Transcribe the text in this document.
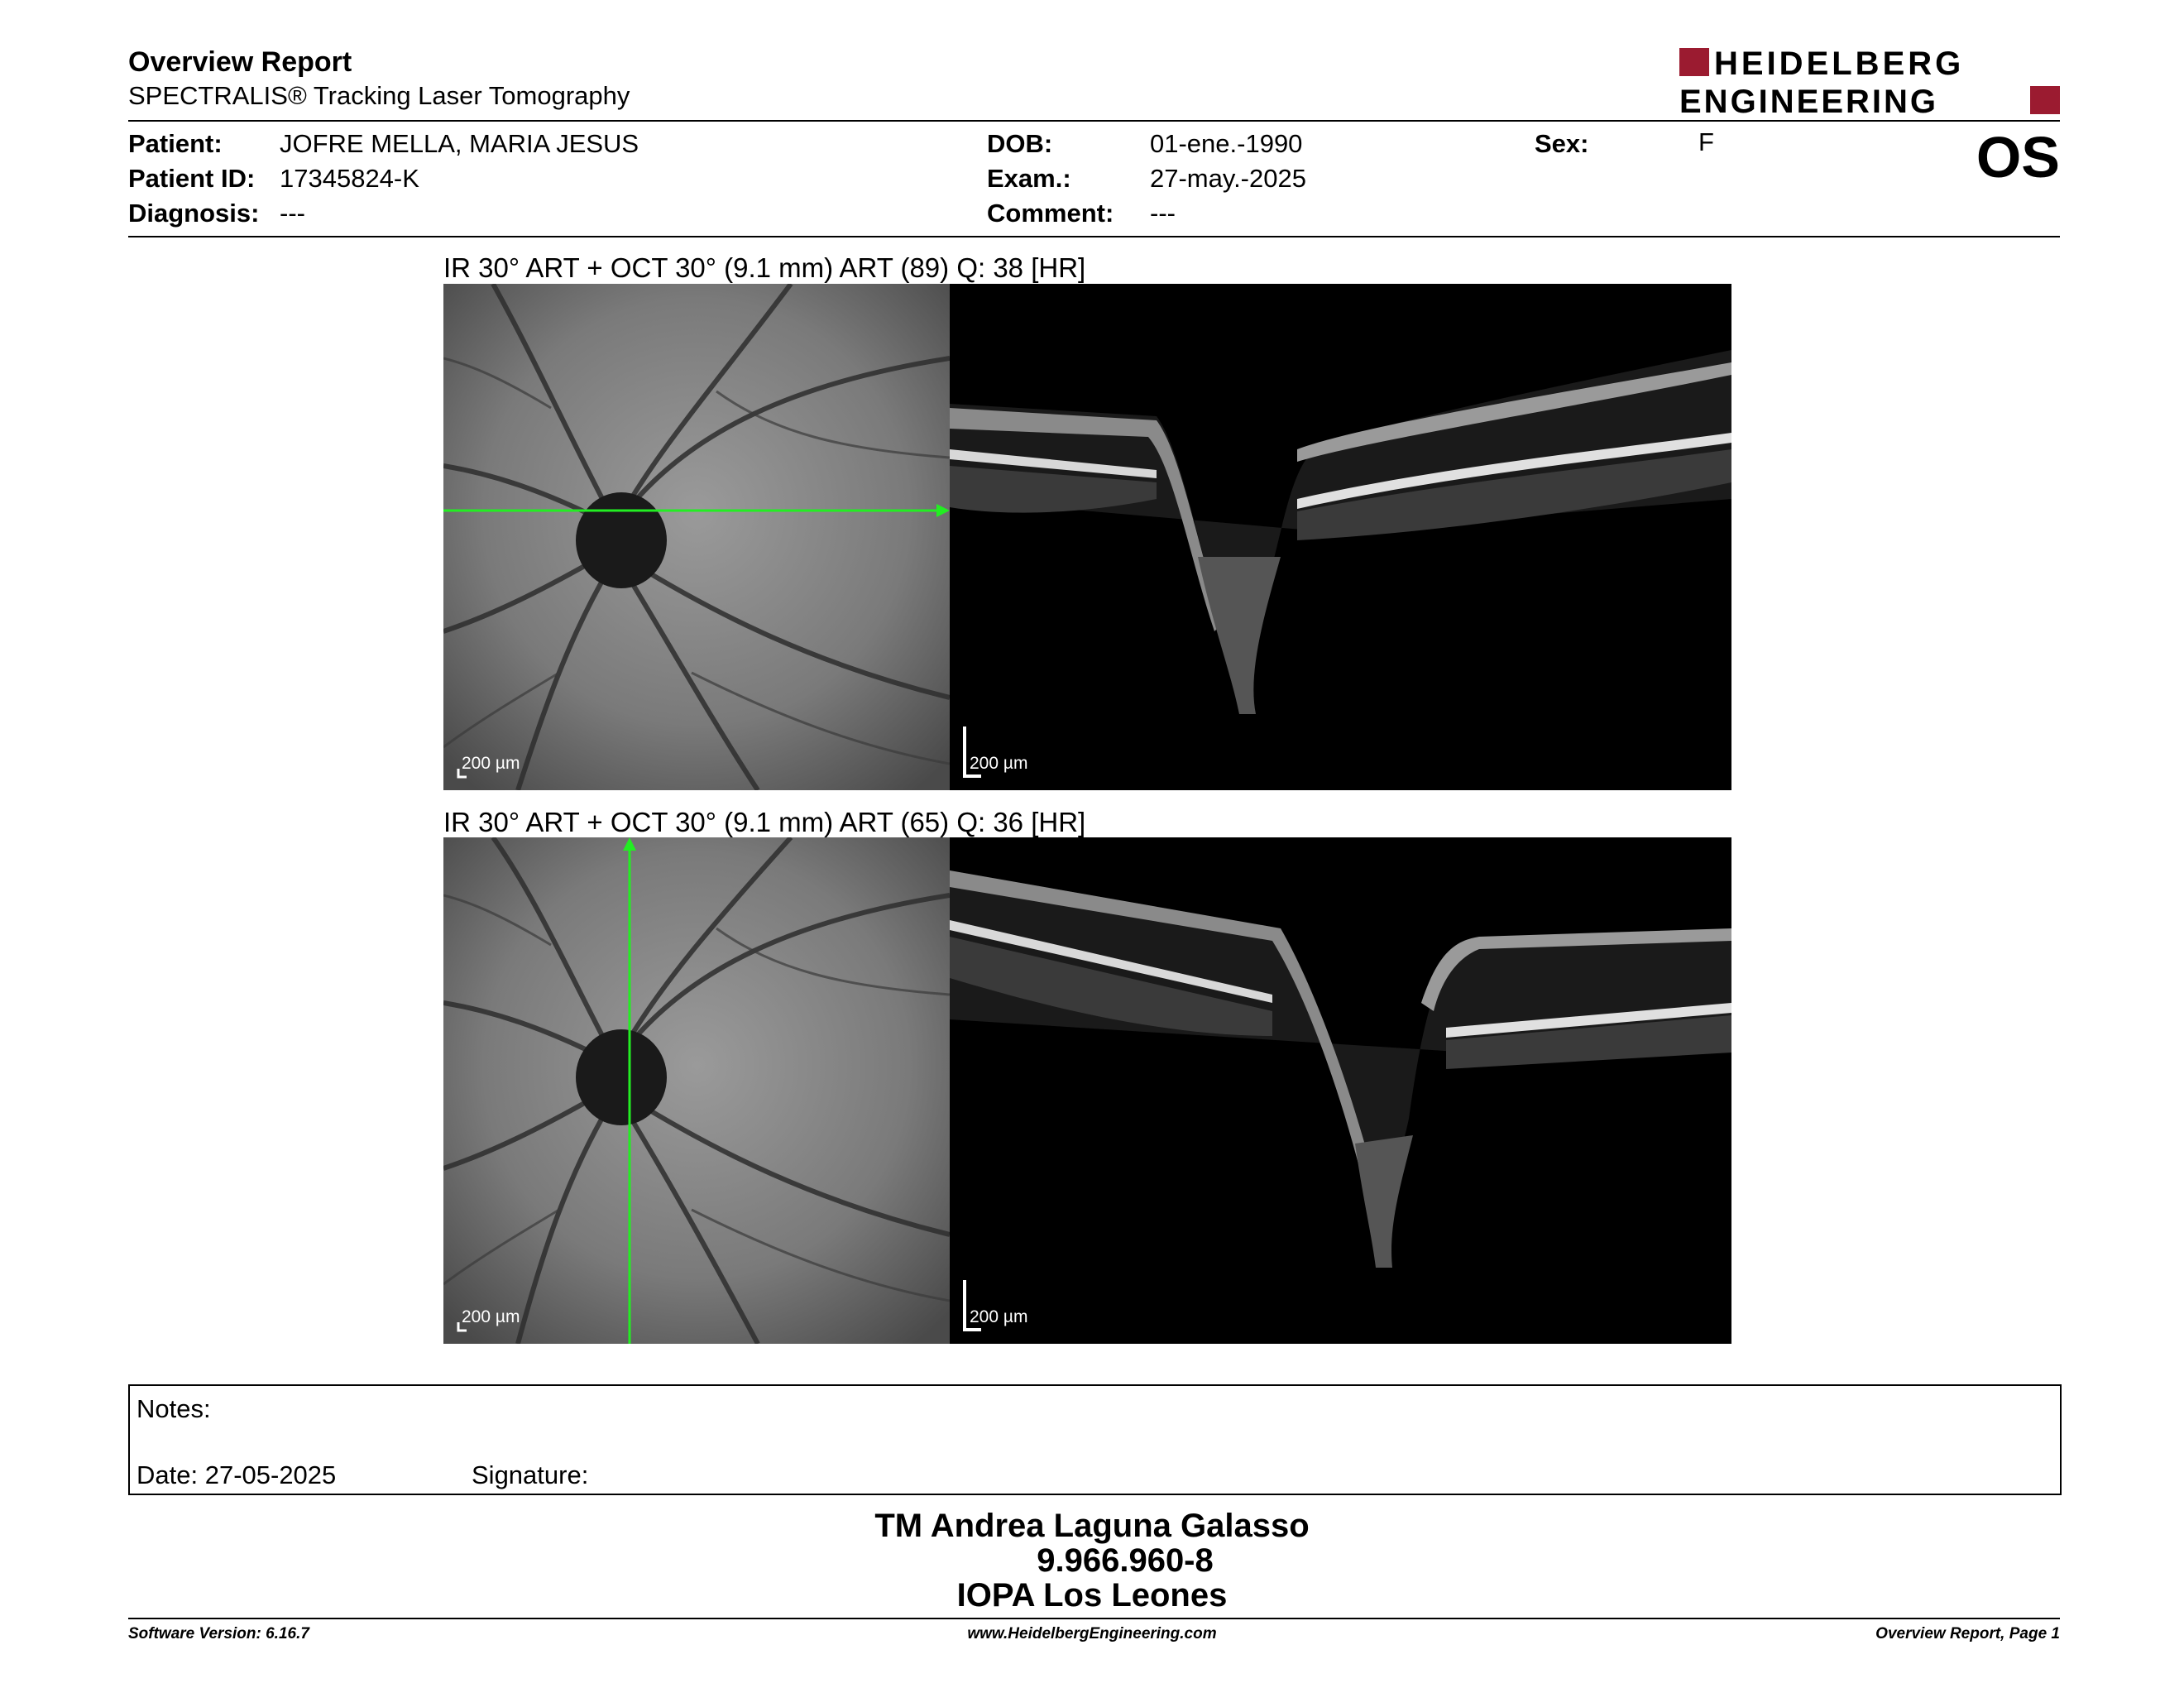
Overview Report
SPECTRALIS® Tracking Laser Tomography
HEIDELBERG
ENGINEERING
Patient: JOFRE MELLA, MARIA JESUS
Patient ID: 17345824-K
Diagnosis: ---
DOB:	01-ene.-1990
Exam.:	27-may.-2025
Comment: ---
Sex:	F	OS
IR 30° ART + OCT 30° (9.1 mm) ART (89) Q: 38 [HR]
200 µm	200 µm
IR 30° ART + OCT 30° (9.1 mm) ART (65) Q: 36 [HR]
200 µm	200 µm
Notes:
Date: 27-05-2025	Signature:
TM Andrea Laguna Galasso
9.966.960-8
IOPA Los Leones
Software Version: 6.16.7	www.HeidelbergEngineering.com	Overview Report, Page 1
